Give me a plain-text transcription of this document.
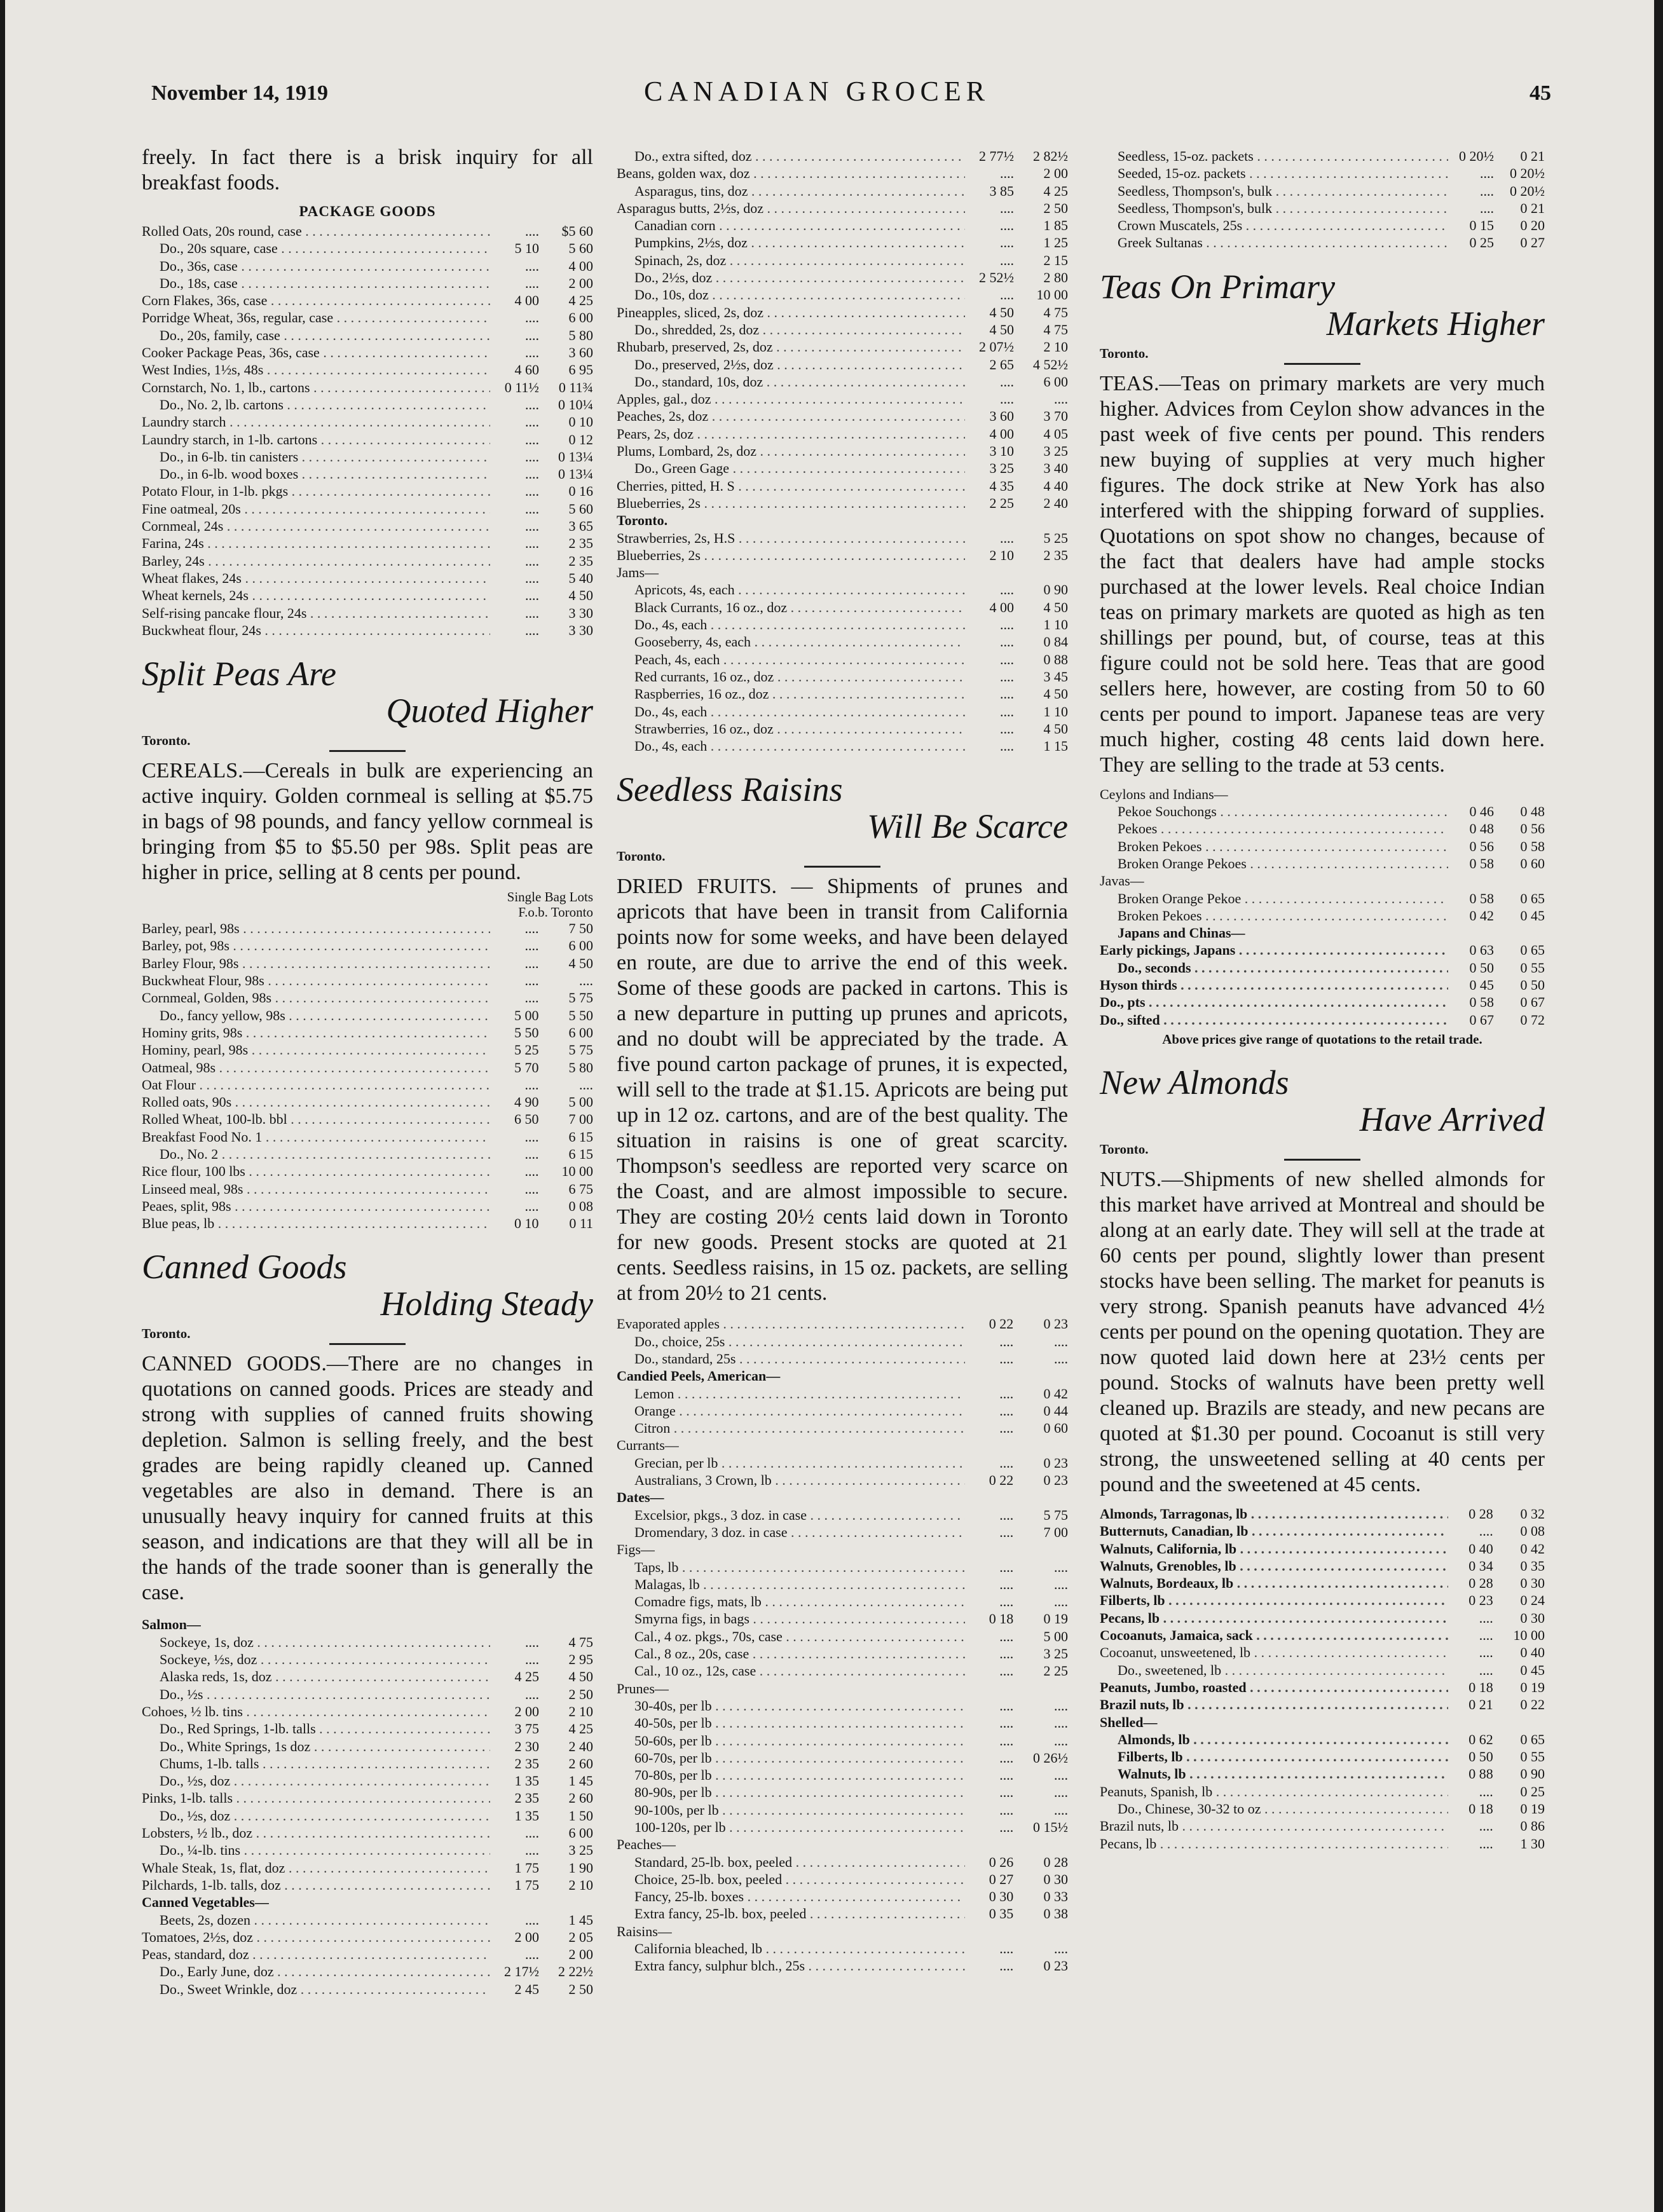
November 14, 1919	CANADIAN GROCER	45

freely. In fact there is a brisk inquiry for all breakfast foods.

PACKAGE GOODS
Rolled Oats, 20s round, case . . .	....	$5 60
Do., 20s square, case . . .	5 10	5 60
Do., 36s, case . . .	....	4 00
Do., 18s, case . . .	....	2 00
Corn Flakes, 36s, case . . .	4 00	4 25
Porridge Wheat, 36s, regular, case . . .	....	6 00
Do., 20s, family, case . . .	....	5 80
Cooker Package Peas, 36s, case . . .	....	3 60
West Indies, 1½s, 48s . . .	4 60	6 95
Cornstarch, No. 1, lb., cartons . . .	0 11½	0 11¾
Do., No. 2, lb. cartons . . .	....	0 10¼
Laundry starch . . .	....	0 10
Laundry starch, in 1-lb. cartons . . .	....	0 12
Do., in 6-lb. tin canisters . . .	....	0 13¼
Do., in 6-lb. wood boxes . . .	....	0 13¼
Potato Flour, in 1-lb. pkgs . . .	....	0 16
Fine oatmeal, 20s . . .	....	5 60
Cornmeal, 24s . . .	....	3 65
Farina, 24s . . .	....	2 35
Barley, 24s . . .	....	2 35
Wheat flakes, 24s . . .	....	5 40
Wheat kernels, 24s . . .	....	4 50
Self-rising pancake flour, 24s . . .	....	3 30
Buckwheat flour, 24s . . .	....	3 30
Split Peas Are
Quoted Higher
Toronto.

CEREALS.—Cereals in bulk are experiencing an active inquiry. Golden cornmeal is selling at $5.75 in bags of 98 pounds, and fancy yellow cornmeal is bringing from $5 to $5.50 per 98s. Split peas are higher in price, selling at 8 cents per pound.

Single Bag Lots
F.o.b. Toronto
Barley, pearl, 98s . . .	....	7 50
Barley, pot, 98s . . .	....	6 00
Barley Flour, 98s . . .	....	4 50
Buckwheat Flour, 98s . . .	....	....
Cornmeal, Golden, 98s . . .	....	5 75
Do., fancy yellow, 98s . . .	5 00	5 50
Hominy grits, 98s . . .	5 50	6 00
Hominy, pearl, 98s . . .	5 25	5 75
Oatmeal, 98s . . .	5 70	5 80
Oat Flour . . .	....	....
Rolled oats, 90s . . .	4 90	5 00
Rolled Wheat, 100-lb. bbl . . .	6 50	7 00
Breakfast Food No. 1 . . .	....	6 15
Do., No. 2 . . .	....	6 15
Rice flour, 100 lbs . . .	....	10 00
Linseed meal, 98s . . .	....	6 75
Peaes, split, 98s . . .	....	0 08
Blue peas, lb . . .	0 10	0 11
Canned Goods
Holding Steady
Toronto.

CANNED GOODS.—There are no changes in quotations on canned goods. Prices are steady and strong with supplies of canned fruits showing depletion. Salmon is selling freely, and the best grades are being rapidly cleaned up. Canned vegetables are also in demand. There is an unusually heavy inquiry for canned fruits at this season, and indications are that they will all be in the hands of the trade sooner than is generally the case.

Salmon—		
Sockeye, 1s, doz . . .	....	4 75
Sockeye, ½s, doz . . .	....	2 95
Alaska reds, 1s, doz . . .	4 25	4 50
Do., ½s . . .	....	2 50
Cohoes, ½ lb. tins . . .	2 00	2 10
Do., Red Springs, 1-lb. talls . . .	3 75	4 25
Do., White Springs, 1s doz . . .	2 30	2 40
Chums, 1-lb. talls . . .	2 35	2 60
Do., ½s, doz . . .	1 35	1 45
Pinks, 1-lb. talls . . .	2 35	2 60
Do., ½s, doz . . .	1 35	1 50
Lobsters, ½ lb., doz . . .	....	6 00
Do., ¼-lb. tins . . .	....	3 25
Whale Steak, 1s, flat, doz . . .	1 75	1 90
Pilchards, 1-lb. talls, doz . . .	1 75	2 10
Canned Vegetables—		
Beets, 2s, dozen . . .	....	1 45
Tomatoes, 2½s, doz . . .	2 00	2 05
Peas, standard, doz . . .	....	2 00
Do., Early June, doz . . .	2 17½	2 22½
Do., Sweet Wrinkle, doz . . .	2 45	2 50
Do., extra sifted, doz . . .	2 77½	2 82½
Beans, golden wax, doz . . .	....	2 00
Asparagus, tins, doz . . .	3 85	4 25
Asparagus butts, 2½s, doz . . .	....	2 50
Canadian corn . . .	....	1 85
Pumpkins, 2½s, doz . . .	....	1 25
Spinach, 2s, doz . . .	....	2 15
Do., 2½s, doz . . .	2 52½	2 80
Do., 10s, doz . . .	....	10 00
Pineapples, sliced, 2s, doz . . .	4 50	4 75
Do., shredded, 2s, doz . . .	4 50	4 75
Rhubarb, preserved, 2s, doz . . .	2 07½	2 10
Do., preserved, 2½s, doz . . .	2 65	4 52½
Do., standard, 10s, doz . . .	....	6 00
Apples, gal., doz . . .	....	....
Peaches, 2s, doz . . .	3 60	3 70
Pears, 2s, doz . . .	4 00	4 05
Plums, Lombard, 2s, doz . . .	3 10	3 25
Do., Green Gage . . .	3 25	3 40
Cherries, pitted, H. S . . .	4 35	4 40
Blueberries, 2s . . .	2 25	2 40
Toronto.		
Strawberries, 2s, H.S . . .	....	5 25
Blueberries, 2s . . .	2 10	2 35
Jams—		
Apricots, 4s, each . . .	....	0 90
Black Currants, 16 oz., doz . . .	4 00	4 50
Do., 4s, each . . .	....	1 10
Gooseberry, 4s, each . . .	....	0 84
Peach, 4s, each . . .	....	0 88
Red currants, 16 oz., doz . . .	....	3 45
Raspberries, 16 oz., doz . . .	....	4 50
Do., 4s, each . . .	....	1 10
Strawberries, 16 oz., doz . . .	....	4 50
Do., 4s, each . . .	....	1 15
Seedless Raisins
Will Be Scarce
Toronto.

DRIED FRUITS. — Shipments of prunes and apricots that have been in transit from California points now for some weeks, and have been delayed en route, are due to arrive the end of this week. Some of these goods are packed in cartons. This is a new departure in putting up prunes and apricots, and no doubt will be appreciated by the trade. A five pound carton package of prunes, it is expected, will sell to the trade at $1.15. Apricots are being put up in 12 oz. cartons, and are of the best quality. The situation in raisins is one of great scarcity. Thompson's seedless are reported very scarce on the Coast, and are almost impossible to secure. They are costing 20½ cents laid down in Toronto for new goods. Present stocks are quoted at 21 cents. Seedless raisins, in 15 oz. packets, are selling at from 20½ to 21 cents.

Evaporated apples . . .	0 22	0 23
Do., choice, 25s . . .	....	....
Do., standard, 25s . . .	....	....
Candied Peels, American—		
Lemon . . .	....	0 42
Orange . . .	....	0 44
Citron . . .	....	0 60
Currants—		
Grecian, per lb . . .	....	0 23
Australians, 3 Crown, lb . . .	0 22	0 23
Dates—		
Excelsior, pkgs., 3 doz. in case . . .	....	5 75
Dromendary, 3 doz. in case . . .	....	7 00
Figs—		
Taps, lb . . .	....	....
Malagas, lb . . .	....	....
Comadre figs, mats, lb . . .	....	....
Smyrna figs, in bags . . .	0 18	0 19
Cal., 4 oz. pkgs., 70s, case . . .	....	5 00
Cal., 8 oz., 20s, case . . .	....	3 25
Cal., 10 oz., 12s, case . . .	....	2 25
Prunes—		
30-40s, per lb . . .	....	....
40-50s, per lb . . .	....	....
50-60s, per lb . . .	....	....
60-70s, per lb . . .	....	0 26½
70-80s, per lb . . .	....	....
80-90s, per lb . . .	....	....
90-100s, per lb . . .	....	....
100-120s, per lb . . .	....	0 15½
Peaches—		
Standard, 25-lb. box, peeled . . .	0 26	0 28
Choice, 25-lb. box, peeled . . .	0 27	0 30
Fancy, 25-lb. boxes . . .	0 30	0 33
Extra fancy, 25-lb. box, peeled . . .	0 35	0 38
Raisins—		
California bleached, lb . . .	....	....
Extra fancy, sulphur blch., 25s . . .	....	0 23
Seedless, 15-oz. packets . . .	0 20½	0 21
Seeded, 15-oz. packets . . .	....	0 20½
Seedless, Thompson's, bulk . . .	....	0 20½
Seedless, Thompson's, bulk . . .	....	0 21
Crown Muscatels, 25s . . .	0 15	0 20
Greek Sultanas . . .	0 25	0 27
Teas On Primary
Markets Higher
Toronto.

TEAS.—Teas on primary markets are very much higher. Advices from Ceylon show advances in the past week of five cents per pound. This renders new buying of supplies at very much higher figures. The dock strike at New York has also interfered with the shipping forward of supplies. Quotations on spot show no changes, because of the fact that dealers have had ample stocks purchased at the lower levels. Real choice Indian teas on primary markets are quoted as high as ten shillings per pound, but, of course, teas at this figure could not be sold here. Teas that are good sellers here, however, are costing from 50 to 60 cents per pound to import. Japanese teas are very much higher, costing 48 cents laid down here. They are selling to the trade at 53 cents.

Ceylons and Indians—		
Pekoe Souchongs . . .	0 46	0 48
Pekoes . . .	0 48	0 56
Broken Pekoes . . .	0 56	0 58
Broken Orange Pekoes . . .	0 58	0 60
Javas—		
Broken Orange Pekoe . . .	0 58	0 65
Broken Pekoes . . .	0 42	0 45
Japans and Chinas—		
Early pickings, Japans . . .	0 63	0 65
Do., seconds . . .	0 50	0 55
Hyson thirds . . .	0 45	0 50
Do., pts . . .	0 58	0 67
Do., sifted . . .	0 67	0 72
Above prices give range of quotations to the retail trade.
New Almonds
Have Arrived
Toronto.

NUTS.—Shipments of new shelled almonds for this market have arrived at Montreal and should be along at an early date. They will sell at the trade at 60 cents per pound, slightly lower than present stocks have been selling. The market for peanuts is very strong. Spanish peanuts have advanced 4½ cents per pound on the opening quotation. They are now quoted laid down here at 23½ cents per pound. Stocks of walnuts have been pretty well cleaned up. Brazils are steady, and new pecans are quoted at $1.30 per pound. Cocoanut is still very strong, the unsweetened selling at 40 cents per pound and the sweetened at 45 cents.

Almonds, Tarragonas, lb . . .	0 28	0 32
Butternuts, Canadian, lb . . .	....	0 08
Walnuts, California, lb . . .	0 40	0 42
Walnuts, Grenobles, lb . . .	0 34	0 35
Walnuts, Bordeaux, lb . . .	0 28	0 30
Filberts, lb . . .	0 23	0 24
Pecans, lb . . .	....	0 30
Cocoanuts, Jamaica, sack . . .	....	10 00
Cocoanut, unsweetened, lb . . .	....	0 40
Do., sweetened, lb . . .	....	0 45
Peanuts, Jumbo, roasted . . .	0 18	0 19
Brazil nuts, lb . . .	0 21	0 22
Shelled—		
Almonds, lb . . .	0 62	0 65
Filberts, lb . . .	0 50	0 55
Walnuts, lb . . .	0 88	0 90
Peanuts, Spanish, lb . . .	....	0 25
Do., Chinese, 30-32 to oz . . .	0 18	0 19
Brazil nuts, lb . . .	....	0 86
Pecans, lb . . .	....	1 30
